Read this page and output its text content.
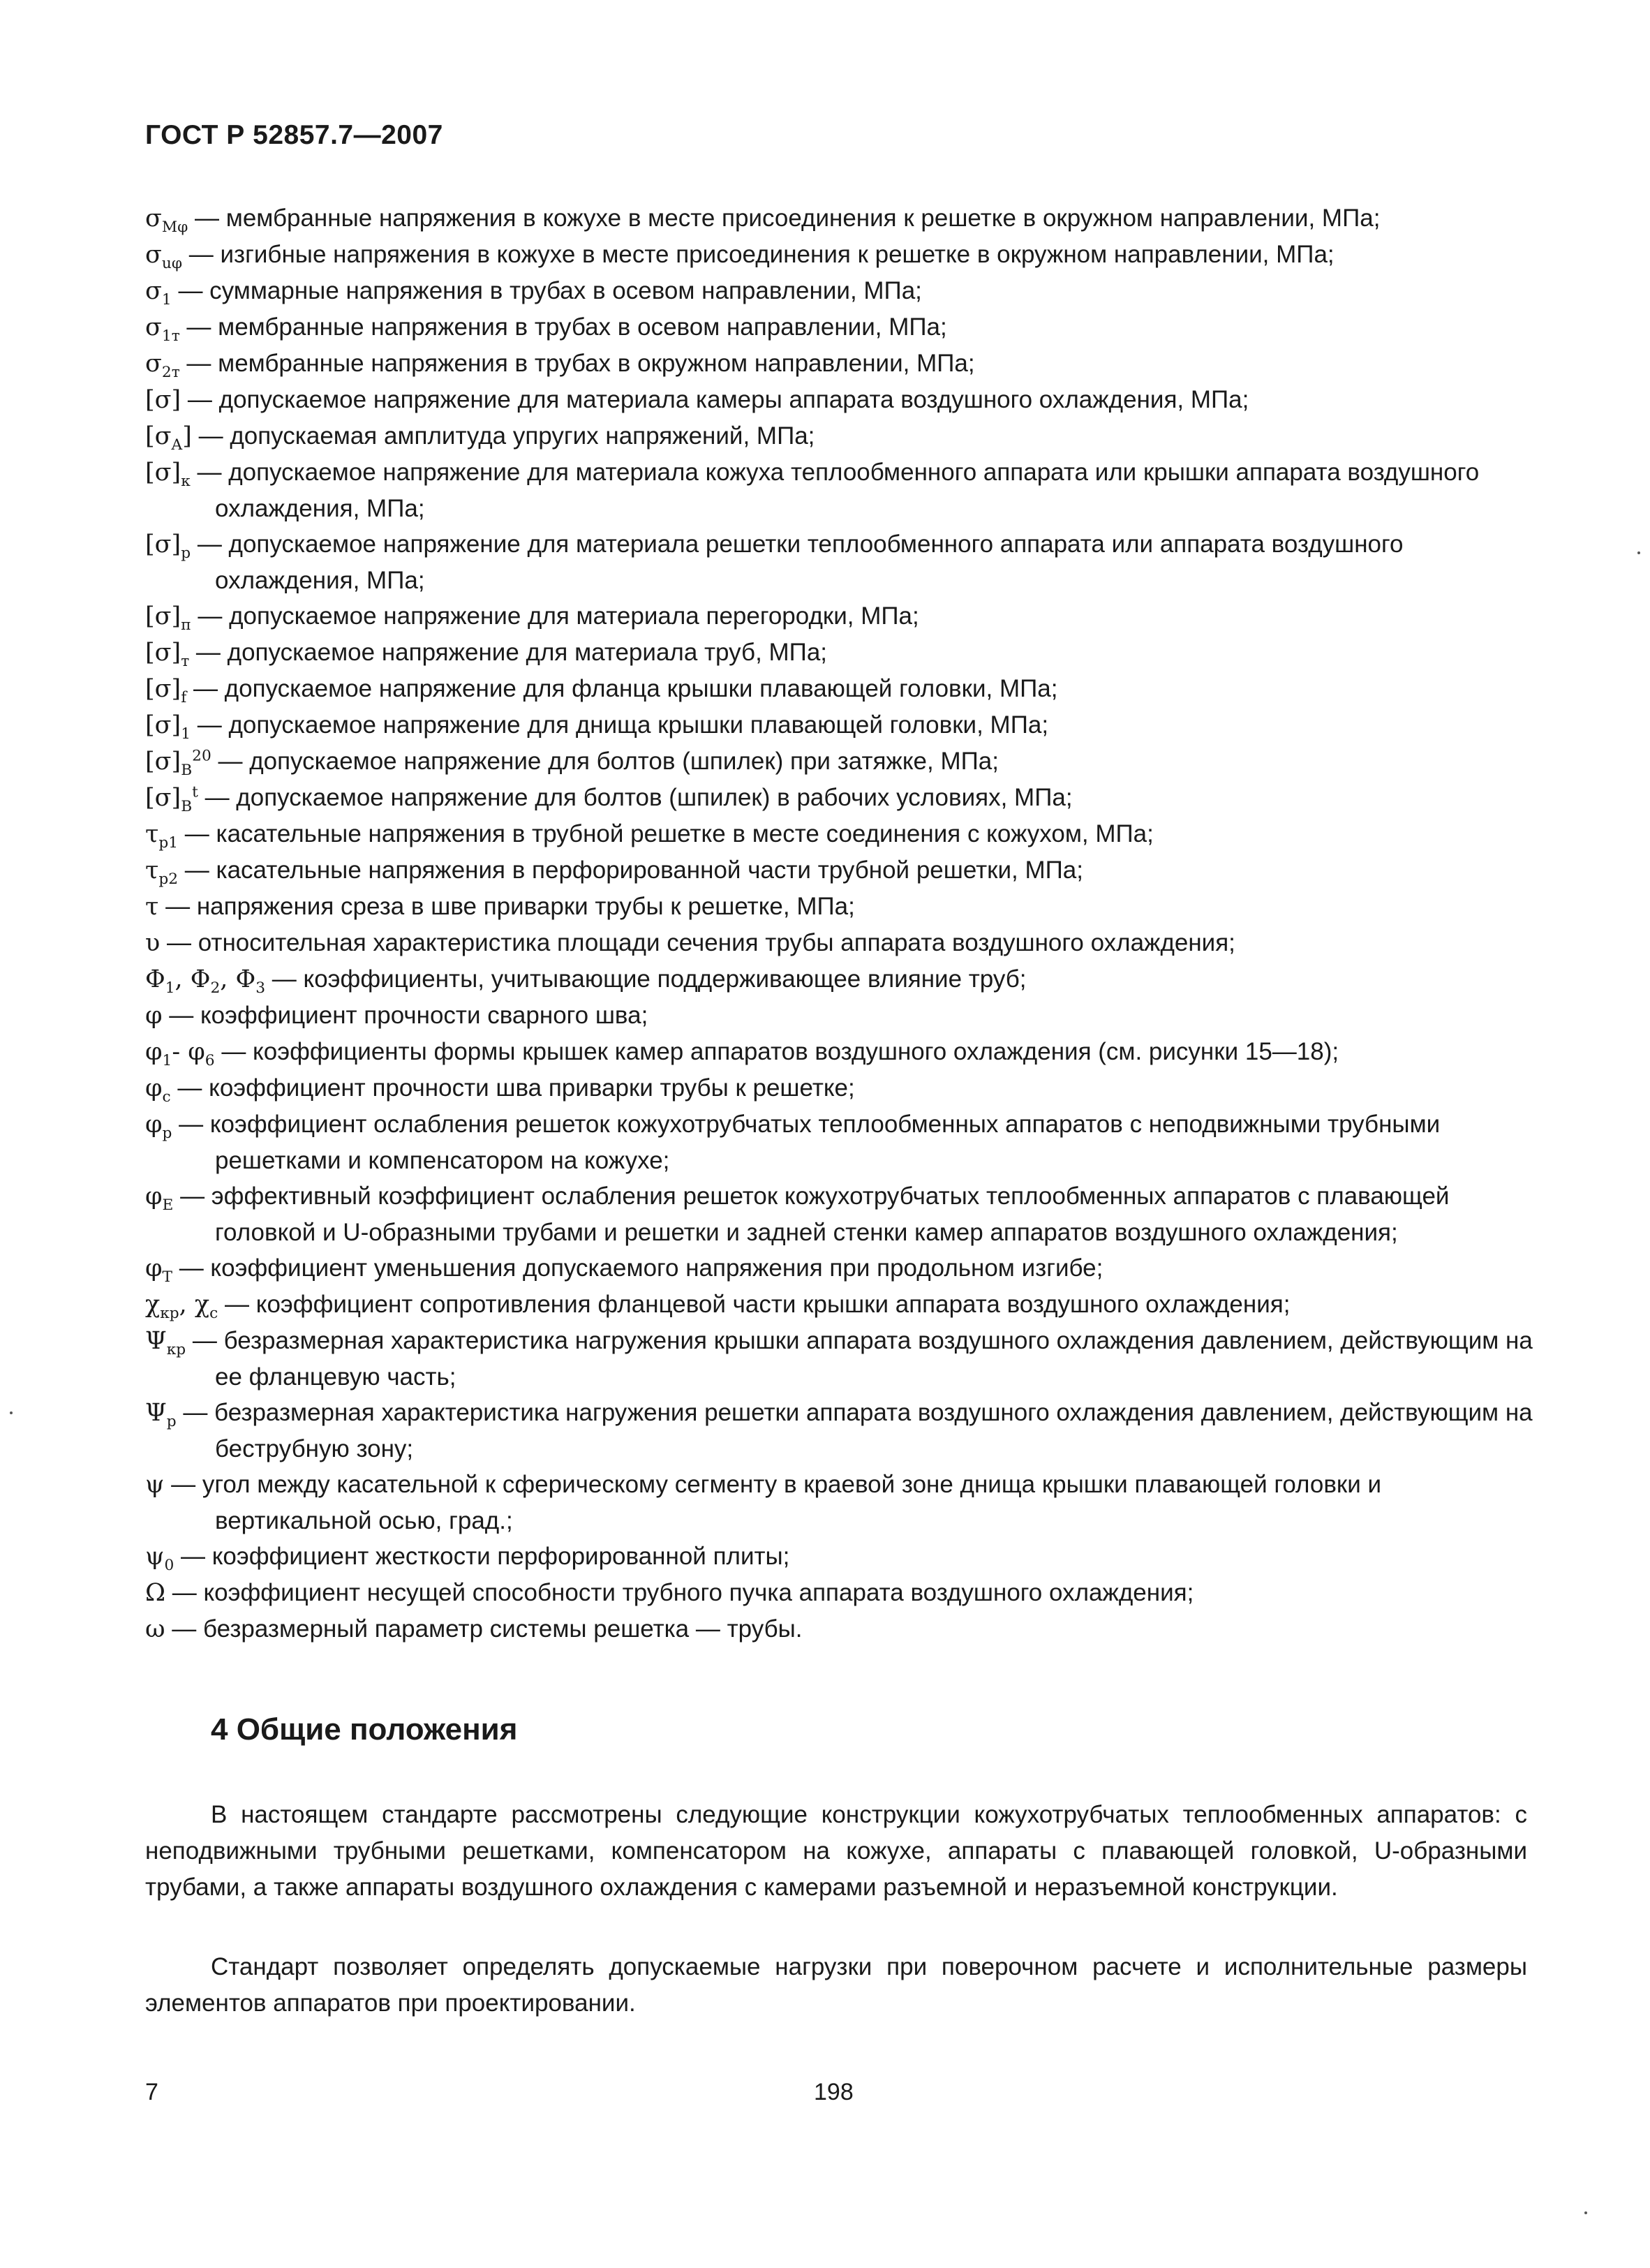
ГОСТ Р 52857.7—2007
$\sigma_{M\varphi}$ — мембранные напряжения в кожухе в месте присоединения к решетке в окружном направлении, МПа;
$\sigma_{u\varphi}$ — изгибные напряжения в кожухе в месте присоединения к решетке в окружном направлении, МПа;
$\sigma_1$ — суммарные напряжения в трубах в осевом направлении, МПа;
$\sigma_{1т}$ — мембранные напряжения в трубах в осевом направлении, МПа;
$\sigma_{2т}$ — мембранные напряжения в трубах в окружном направлении, МПа;
[σ] — допускаемое напряжение для материала камеры аппарата воздушного охлаждения, МПа;
$[\sigma_A]$ — допускаемая амплитуда упругих напряжений, МПа;
$[\sigma]_к$ — допускаемое напряжение для материала кожуха теплообменного аппарата или крышки аппарата воздушного охлаждения, МПа;
$[\sigma]_p$ — допускаемое напряжение для материала решетки теплообменного аппарата или аппарата воздушного охлаждения, МПа;
$[\sigma]_п$ — допускаемое напряжение для материала перегородки, МПа;
$[\sigma]_т$ — допускаемое напряжение для материала труб, МПа;
$[\sigma]_f$ — допускаемое напряжение для фланца крышки плавающей головки, МПа;
$[\sigma]_1$ — допускаемое напряжение для днища крышки плавающей головки, МПа;
$[\sigma]_B^{20}$ — допускаемое напряжение для болтов (шпилек) при затяжке, МПа;
$[\sigma]_B^t$ — допускаемое напряжение для болтов (шпилек) в рабочих условиях, МПа;
$\tau_{p1}$ — касательные напряжения в трубной решетке в месте соединения с кожухом, МПа;
$\tau_{p2}$ — касательные напряжения в перфорированной части трубной решетки, МПа;
τ — напряжения среза в шве приварки трубы к решетке, МПа;
υ — относительная характеристика площади сечения трубы аппарата воздушного охлаждения;
$\Phi_1$, $\Phi_2$, $\Phi_3$ — коэффициенты, учитывающие поддерживающее влияние труб;
φ — коэффициент прочности сварного шва;
$\varphi_1-$ $\varphi_6$ — коэффициенты формы крышек камер аппаратов воздушного охлаждения (см. рисунки 15—18);
$\varphi_c$ — коэффициент прочности шва приварки трубы к решетке;
$\varphi_p$ — коэффициент ослабления решеток кожухотрубчатых теплообменных аппаратов с неподвижными трубными решетками и компенсатором на кожухе;
$\varphi_E$ — эффективный коэффициент ослабления решеток кожухотрубчатых теплообменных аппаратов с плавающей головкой и U-образными трубами и решетки и задней стенки камер аппаратов воздушного охлаждения;
$\varphi_T$ — коэффициент уменьшения допускаемого напряжения при продольном изгибе;
$\chi_{кр}$, $\chi_c$ — коэффициент сопротивления фланцевой части крышки аппарата воздушного охлаждения;
$\Psi_{кр}$ — безразмерная характеристика нагружения крышки аппарата воздушного охлаждения давлением, действующим на ее фланцевую часть;
$\Psi_p$ — безразмерная характеристика нагружения решетки аппарата воздушного охлаждения давлением, действующим на беструбную зону;
ψ — угол между касательной к сферическому сегменту в краевой зоне днища крышки плавающей головки и вертикальной осью, град.;
$\psi_0$ — коэффициент жесткости перфорированной плиты;
Ω — коэффициент несущей способности трубного пучка аппарата воздушного охлаждения;
ω — безразмерный параметр системы решетка — трубы.
4 Общие положения
В настоящем стандарте рассмотрены следующие конструкции кожухотрубчатых теплообменных аппаратов: с неподвижными трубными решетками, компенсатором на кожухе, аппараты с плавающей головкой, U-образными трубами, а также аппараты воздушного охлаждения с камерами разъемной и неразъемной конструкции.
Стандарт позволяет определять допускаемые нагрузки при поверочном расчете и исполнительные размеры элементов аппаратов при проектировании.
7	198
